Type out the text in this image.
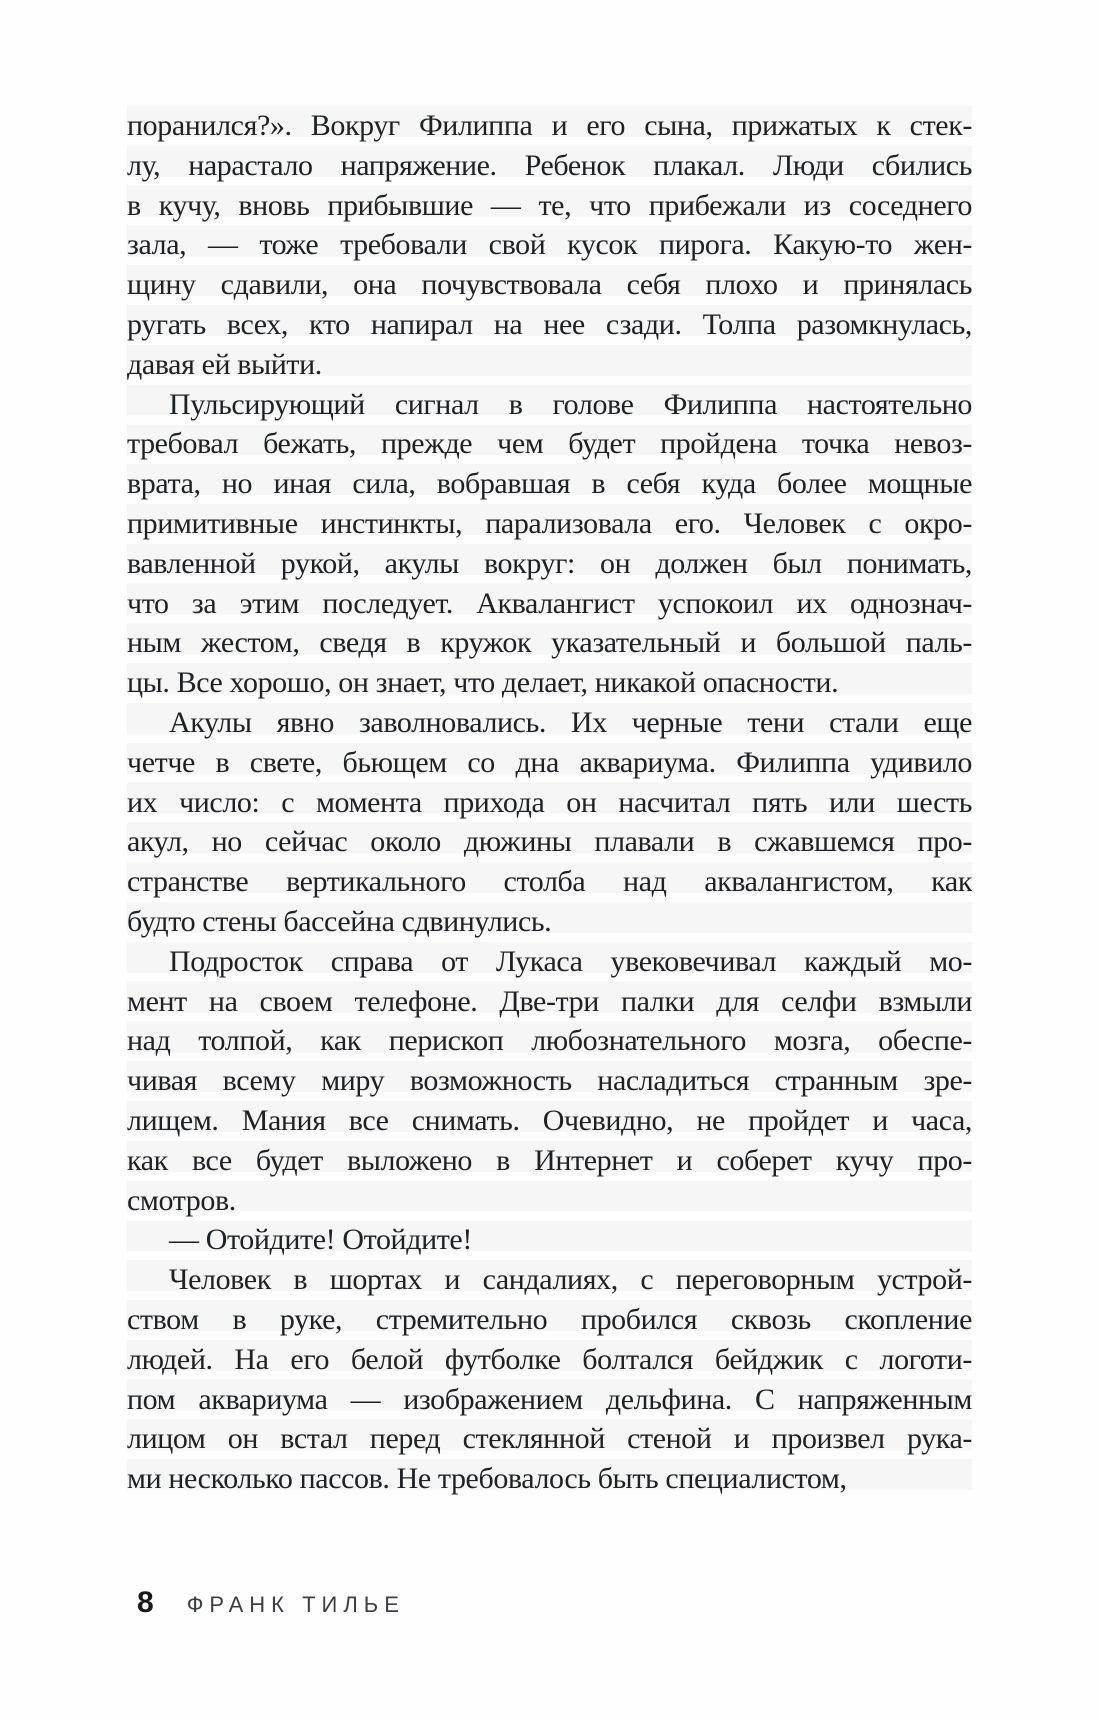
поранился?». Вокруг Филиппа и его сына, прижатых к стек-
лу, нарастало напряжение. Ребенок плакал. Люди сбились
в кучу, вновь прибывшие — те, что прибежали из соседнего
зала, — тоже требовали свой кусок пирога. Какую-то жен-
щину сдавили, она почувствовала себя плохо и принялась
ругать всех, кто напирал на нее сзади. Толпа разомкнулась,
давая ей выйти.
Пульсирующий сигнал в голове Филиппа настоятельно
требовал бежать, прежде чем будет пройдена точка невоз-
врата, но иная сила, вобравшая в себя куда более мощные
примитивные инстинкты, парализовала его. Человек с окро-
вавленной рукой, акулы вокруг: он должен был понимать,
что за этим последует. Аквалангист успокоил их однознач-
ным жестом, сведя в кружок указательный и большой паль-
цы. Все хорошо, он знает, что делает, никакой опасности.
Акулы явно заволновались. Их черные тени стали еще
четче в свете, бьющем со дна аквариума. Филиппа удивило
их число: с момента прихода он насчитал пять или шесть
акул, но сейчас около дюжины плавали в сжавшемся про-
странстве вертикального столба над аквалангистом, как
будто стены бассейна сдвинулись.
Подросток справа от Лукаса увековечивал каждый мо-
мент на своем телефоне. Две-три палки для селфи взмыли
над толпой, как перископ любознательного мозга, обеспе-
чивая всему миру возможность насладиться странным зре-
лищем. Мания все снимать. Очевидно, не пройдет и часа,
как все будет выложено в Интернет и соберет кучу про-
смотров.
— Отойдите! Отойдите!
Человек в шортах и сандалиях, с переговорным устрой-
ством в руке, стремительно пробился сквозь скопление
людей. На его белой футболке болтался бейджик с логоти-
пом аквариума — изображением дельфина. С напряженным
лицом он встал перед стеклянной стеной и произвел рука-
ми несколько пассов. Не требовалось быть специалистом,
8 ФРАНК ТИЛЬЕ
